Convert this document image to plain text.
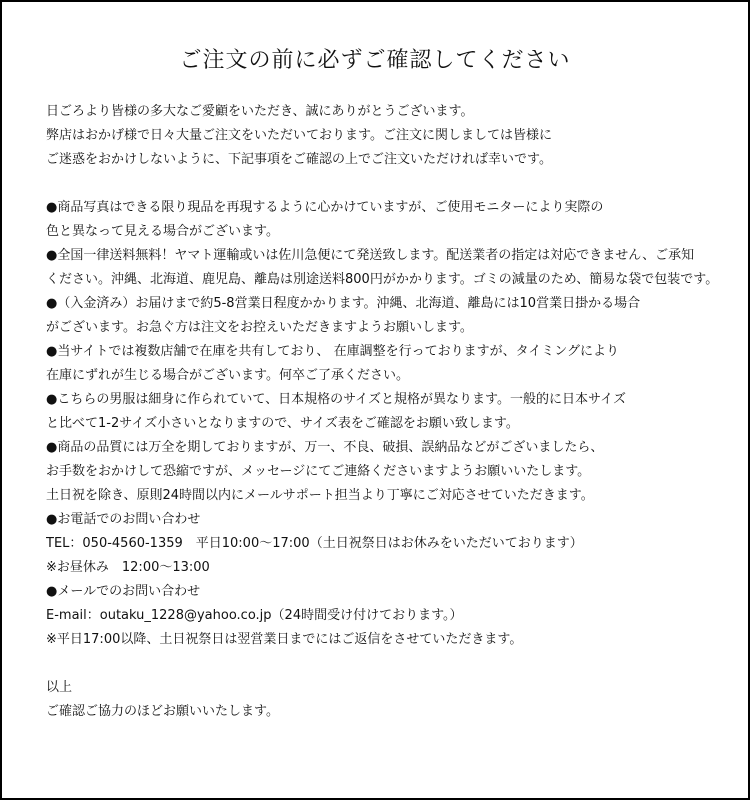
ご注文の前に必ずご確認してください
日ごろより皆様の多大なご愛顧をいただき、誠にありがとうございます。
弊店はおかげ様で日々大量ご注文をいただいております。ご注文に関しましては皆様に
ご迷惑をおかけしないように、下記事項をご確認の上でご注文いただければ幸いです。
●商品写真はできる限り現品を再現するように心かけていますが、ご使用モニターにより実際の
色と異なって見える場合がございます。
●全国一律送料無料！ヤマト運輸或いは佐川急便にて発送致します。配送業者の指定は対応できません、ご承知
ください。沖縄、北海道、鹿児島、離島は別途送料800円がかかります。ゴミの減量のため、簡易な袋で包装です。
●（入金済み）お届けまで約5-8営業日程度かかります。沖縄、北海道、離島には10営業日掛かる場合
がございます。お急ぐ方は注文をお控えいただきますようお願いします。
●当サイトでは複数店舗で在庫を共有しており、 在庫調整を行っておりますが、タイミングにより
在庫にずれが生じる場合がございます。何卒ご了承ください。
●こちらの男服は細身に作られていて、日本規格のサイズと規格が異なります。一般的に日本サイズ
と比べて1-2サイズ小さいとなりますので、サイズ表をご確認をお願い致します。
●商品の品質には万全を期しておりますが、万一、不良、破損、誤納品などがございましたら、
お手数をおかけして恐縮ですが、メッセージにてご連絡くださいますようお願いいたします。
土日祝を除き、原則24時間以内にメールサポート担当より丁寧にご対応させていただきます。
●お電話でのお問い合わせ
TEL：050-4560-1359　平日10:00～17:00（土日祝祭日はお休みをいただいております）
※お昼休み　12:00～13:00
●メールでのお問い合わせ
E-mail：outaku_1228@yahoo.co.jp（24時間受け付けております。）
※平日17:00以降、土日祝祭日は翌営業日までにはご返信をさせていただきます。
以上
ご確認ご協力のほどお願いいたします。
